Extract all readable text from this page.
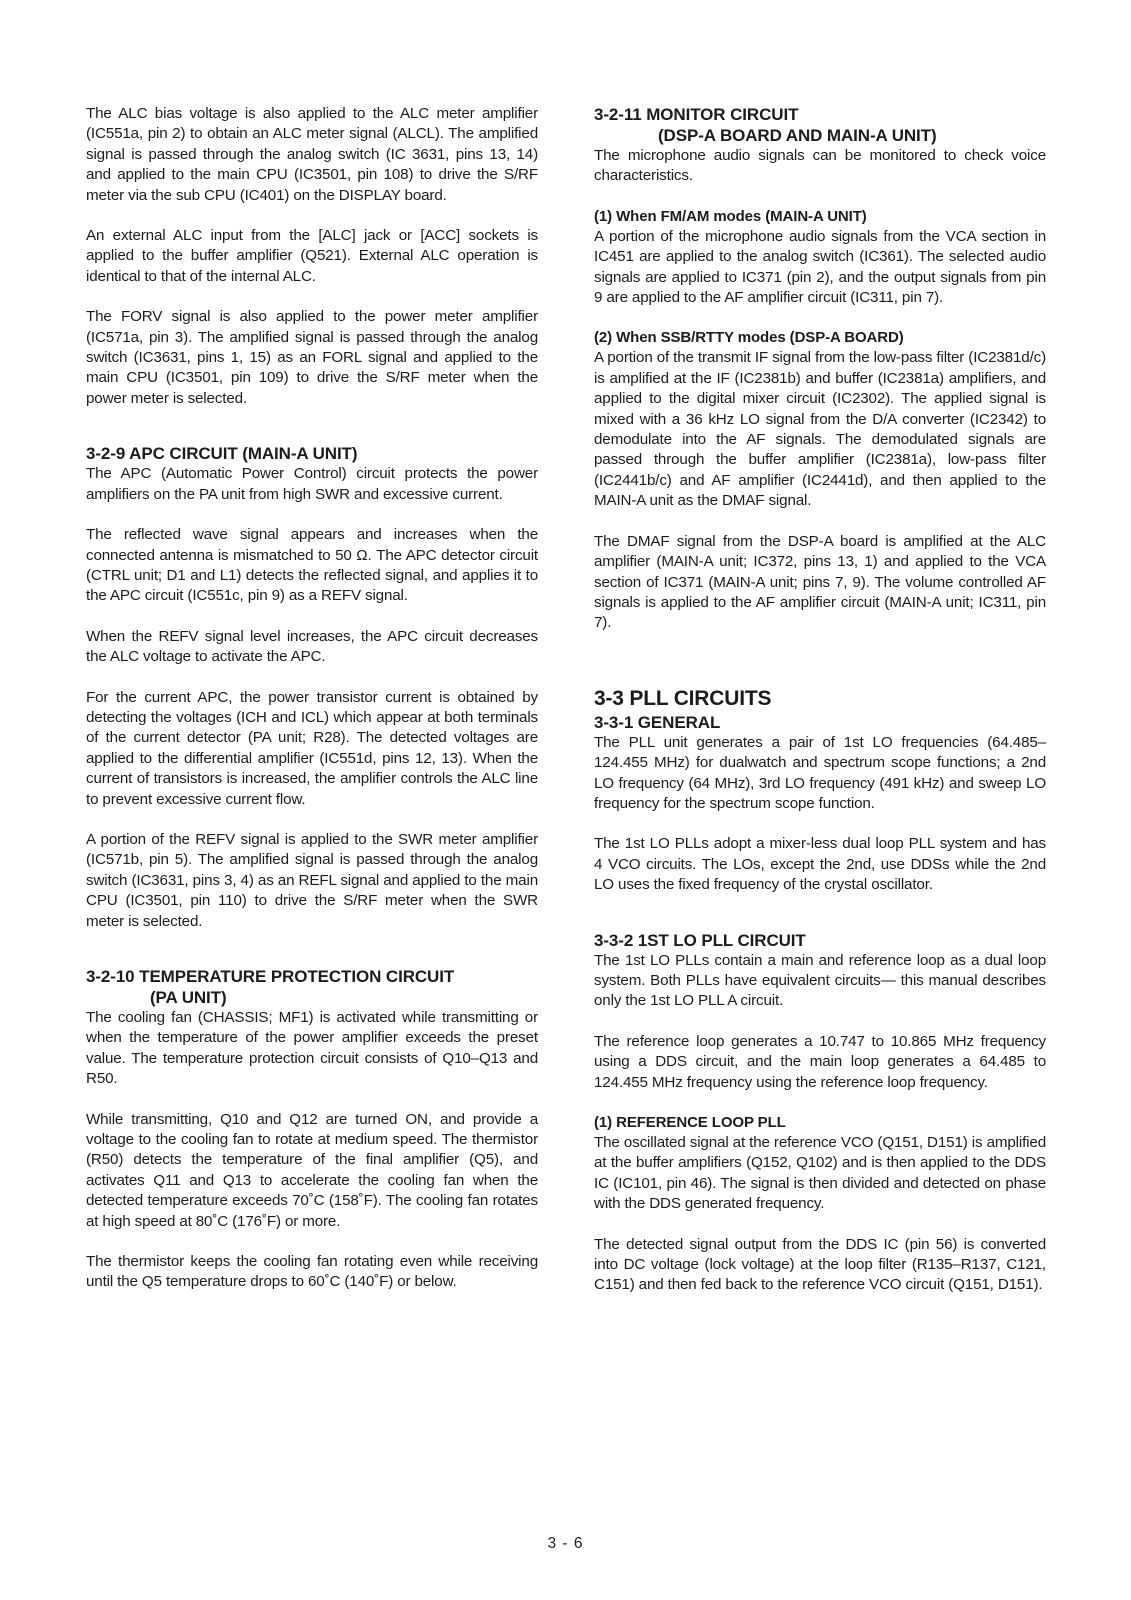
The ALC bias voltage is also applied to the ALC meter amplifier (IC551a, pin 2) to obtain an ALC meter signal (ALCL). The amplified signal is passed through the analog switch (IC 3631, pins 13, 14) and applied to the main CPU (IC3501, pin 108) to drive the S/RF meter via the sub CPU (IC401) on the DISPLAY board.

An external ALC input from the [ALC] jack or [ACC] sockets is applied to the buffer amplifier (Q521). External ALC operation is identical to that of the internal ALC.

The FORV signal is also applied to the power meter amplifier (IC571a, pin 3). The amplified signal is passed through the analog switch (IC3631, pins 1, 15) as an FORL signal and applied to the main CPU (IC3501, pin 109) to drive the S/RF meter when the power meter is selected.

3-2-9 APC CIRCUIT (MAIN-A UNIT)

The APC (Automatic Power Control) circuit protects the power amplifiers on the PA unit from high SWR and excessive current.

The reflected wave signal appears and increases when the connected antenna is mismatched to 50 Ω. The APC detector circuit (CTRL unit; D1 and L1) detects the reflected signal, and applies it to the APC circuit (IC551c, pin 9) as a REFV signal.

When the REFV signal level increases, the APC circuit decreases the ALC voltage to activate the APC.

For the current APC, the power transistor current is obtained by detecting the voltages (ICH and ICL) which appear at both terminals of the current detector (PA unit; R28). The detected voltages are applied to the differential amplifier (IC551d, pins 12, 13). When the current of transistors is increased, the amplifier controls the ALC line to prevent excessive current flow.

A portion of the REFV signal is applied to the SWR meter amplifier (IC571b, pin 5). The amplified signal is passed through the analog switch (IC3631, pins 3, 4) as an REFL signal and applied to the main CPU (IC3501, pin 110) to drive the S/RF meter when the SWR meter is selected.

3-2-10 TEMPERATURE PROTECTION CIRCUIT
(PA UNIT)

The cooling fan (CHASSIS; MF1) is activated while transmitting or when the temperature of the power amplifier exceeds the preset value. The temperature protection circuit consists of Q10–Q13 and R50.

While transmitting, Q10 and Q12 are turned ON, and provide a voltage to the cooling fan to rotate at medium speed. The thermistor (R50) detects the temperature of the final amplifier (Q5), and activates Q11 and Q13 to accelerate the cooling fan when the detected temperature exceeds 70˚C (158˚F). The cooling fan rotates at high speed at 80˚C (176˚F) or more.

The thermistor keeps the cooling fan rotating even while receiving until the Q5 temperature drops to 60˚C (140˚F) or below.

3-2-11 MONITOR CIRCUIT
(DSP-A BOARD AND MAIN-A UNIT)

The microphone audio signals can be monitored to check voice characteristics.

(1) When FM/AM modes (MAIN-A UNIT)

A portion of the microphone audio signals from the VCA section in IC451 are applied to the analog switch (IC361). The selected audio signals are applied to IC371 (pin 2), and the output signals from pin 9 are applied to the AF amplifier circuit (IC311, pin 7).

(2) When SSB/RTTY modes (DSP-A BOARD)

A portion of the transmit IF signal from the low-pass filter (IC2381d/c) is amplified at the IF (IC2381b) and buffer (IC2381a) amplifiers, and applied to the digital mixer circuit (IC2302). The applied signal is mixed with a 36 kHz LO signal from the D/A converter (IC2342) to demodulate into the AF signals. The demodulated signals are passed through the buffer amplifier (IC2381a), low-pass filter (IC2441b/c) and AF amplifier (IC2441d), and then applied to the MAIN-A unit as the DMAF signal.

The DMAF signal from the DSP-A board is amplified at the ALC amplifier (MAIN-A unit; IC372, pins 13, 1) and applied to the VCA section of IC371 (MAIN-A unit; pins 7, 9). The volume controlled AF signals is applied to the AF amplifier circuit (MAIN-A unit; IC311, pin 7).

3-3 PLL CIRCUITS
3-3-1 GENERAL

The PLL unit generates a pair of 1st LO frequencies (64.485–124.455 MHz) for dualwatch and spectrum scope functions; a 2nd LO frequency (64 MHz), 3rd LO frequency (491 kHz) and sweep LO frequency for the spectrum scope function.

The 1st LO PLLs adopt a mixer-less dual loop PLL system and has 4 VCO circuits. The LOs, except the 2nd, use DDSs while the 2nd LO uses the fixed frequency of the crystal oscillator.

3-3-2 1ST LO PLL CIRCUIT

The 1st LO PLLs contain a main and reference loop as a dual loop system. Both PLLs have equivalent circuits— this manual describes only the 1st LO PLL A circuit.

The reference loop generates a 10.747 to 10.865 MHz frequency using a DDS circuit, and the main loop generates a 64.485 to 124.455 MHz frequency using the reference loop frequency.

(1) REFERENCE LOOP PLL

The oscillated signal at the reference VCO (Q151, D151) is amplified at the buffer amplifiers (Q152, Q102) and is then applied to the DDS IC (IC101, pin 46). The signal is then divided and detected on phase with the DDS generated frequency.

The detected signal output from the DDS IC (pin 56) is converted into DC voltage (lock voltage) at the loop filter (R135–R137, C121, C151) and then fed back to the reference VCO circuit (Q151, D151).

3 - 6
